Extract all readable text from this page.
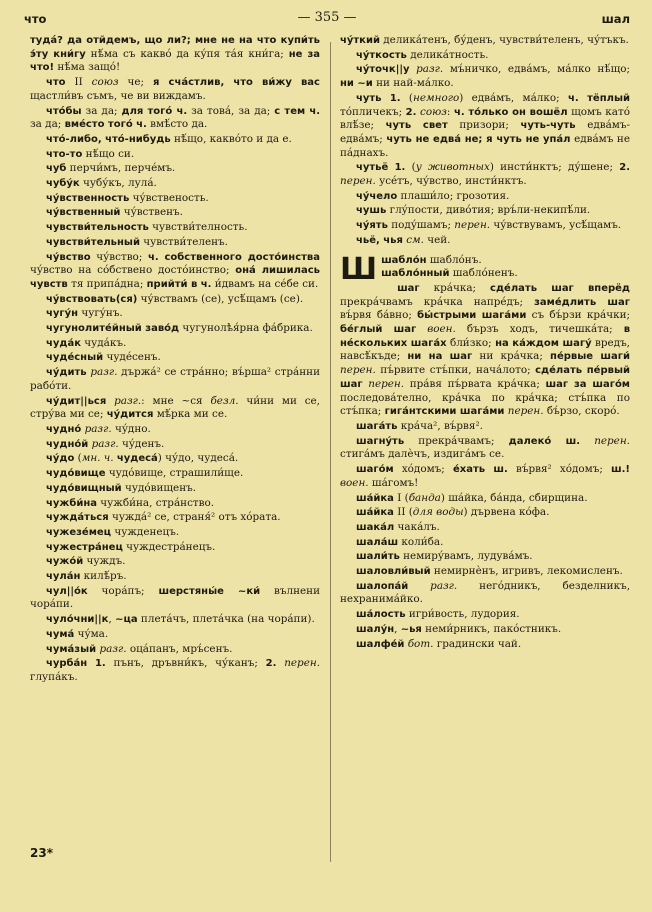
что	— 355 —	шал

тудá? да отйдемъ, що ли?; мне не на что купи́ть э́ту кни́гу нѣ́ма съ какво́ да ку́пя та́я кни́га; не за что! нѣ́ма защо́!

что II союз че; я счáстлив, что ви́жу вас щастли́въ съмъ, че ви виждамъ.

чтóбы за да; для тогó ч. за товá, за да; с тем ч. за да; вмéсто тогó ч. вмѣ́сто да.

чтó-либо, чтó-нибудь нѣ́що, какво́то и да е.

что-то нѣ́що си.

чуб перчи́мъ, перче́мъ.

чубу́к чубу́къ, лула́.

чу́вственность чу́вственость.

чу́вственный чу́вственъ.

чувстви́тельность чувстви́телность.

чувстви́тельный чувстви́теленъ.

чу́вство чу́вство; ч. собственного досто́инства чу́вство на со́бствено досто́инство; она́ лишилась чувств тя припа́дна; прийти́ в ч. и́двамъ на се́бе си.

чу́вствовать(ся) чу́вствамъ (се), усѣ́щамъ (се).

чугу́н чугу́нъ.

чугунолите́йный заво́д чугунолѣя́рна фа́брика.

чуда́к чуда́къ.

чуде́сный чуде́сенъ.

чу́дить разг. държа́² се стра́нно; въ́рша² стра́нни рабо́ти.

чу́дит||ься разг.: мне ~ся безл. чи́ни ми се, стру́ва ми се; чу́дится мѣ́рка ми се.

чудно́ разг. чу́дно.

чудно́й разг. чу́денъ.

чу́до (мн. ч. чудеса́) чу́до, чудеса́.

чудо́вище чудо́вище, страшили́ще.

чудо́вищный чудо́вищенъ.

чужби́на чужби́на, стра́нство.

чужда́ться чужда́² се, страня́² отъ хо́рата.

чужезе́мец чужденецъ.

чужестра́нец чуждестра́нецъ.

чужо́й чуждъ.

чула́н килѣ́ръ.

чул||о́к чора́пъ; шерстяны́е ~ки́ вълнени чора́пи.

чуло́чни||к, ~ца плетáчъ, плетáчка (на чора́пи).

чума́ чу́ма.

чума́зый разг. оца́панъ, мръ́сенъ.

чурба́н 1. пънъ, дръвни́къ, чу́канъ; 2. перен. глупа́къ.

чу́ткий деликáтенъ, бу́денъ, чувстви́теленъ, чу́тъкъ.

чу́ткость делика́тность.

чу́точк||у разг. мъ́ничко, едва́мъ, ма́лко нѣ́що; ни ~и ни най-ма́лко.

чуть 1. (немного) едва́мъ, ма́лко; ч. тёплый то́пличекъ; 2. союз: ч. то́лько он вошёл щомъ като́ влѣ́зе; чуть свет призори; чуть-чуть едва́мъ-едва́мъ; чуть не едва́ не; я чуть не упа́л едва́мъ не па́днахъ.

чутьё 1. (у животных) инсти́нктъ; ду́шене; 2. перен. усе́тъ, чу́вство, инсти́нктъ.

чу́чело плаши́ло; грозотия.

чушь глу́пости, диво́тия; връ́ли-некипѣ́ли.

чу́ять поду́шамъ; перен. чу́вствувамъ, усѣ́щамъ.

чьё, чья см. чей.

Шшабло́н шабло́нъ.
шабло́нный шабло́ненъ.

шаг кра́чка; сде́лать шаг вперёд прекра́чвамъ кра́чка напре́дъ; заме́длить шаг въ́рвя ба́вно; бы́стрыми шага́ми съ бъ́рзи кра́чки; бе́глый шаг воен. бързъ ходъ, тичешка́та; в нéскольких шага́х бли́зко; на ка́ждом шагу́ вредъ, навсѣ́къде; ни на шаг ни кра́чка; пе́рвые шаги́ перен. пъ́рвите стъ́пки, нача́лото; сде́лать пе́рвый шаг перен. пра́вя пъ́рвата кра́чка; шаг за шаго́м последова́телно, кра́чка по кра́чка; стъ́пка по стъ́пка; гига́нтскими шага́ми перен. бъ́рзо, скоро́.

шага́ть кра́ча², въ́рвя².

шагну́ть прекра́чвамъ; далеко́ ш. перен. стига́мъ далѐчъ, издига́мъ се.

шаго́м хо́домъ; е́хать ш. въ́рвя² хо́домъ; ш.! воен. ша́гомъ!

ша́йка I (банда) ша́йка, ба́нда, сбирщина.

ша́йка II (для воды) дървена ко́фа.

шака́л чака́лъ.

шала́ш коли́ба.

шали́ть немиру́вамъ, лудува́мъ.

шаловли́вый немирнѐнъ, игривъ, лекомисленъ.

шалопа́й разг. него́дникъ, безделникъ, нехранима́йко.

ша́лость игри́вость, лудория.

шалу́н, ~ья неми́рникъ, пако́стникъ.

шалфе́й бот. градински чай.

23*
